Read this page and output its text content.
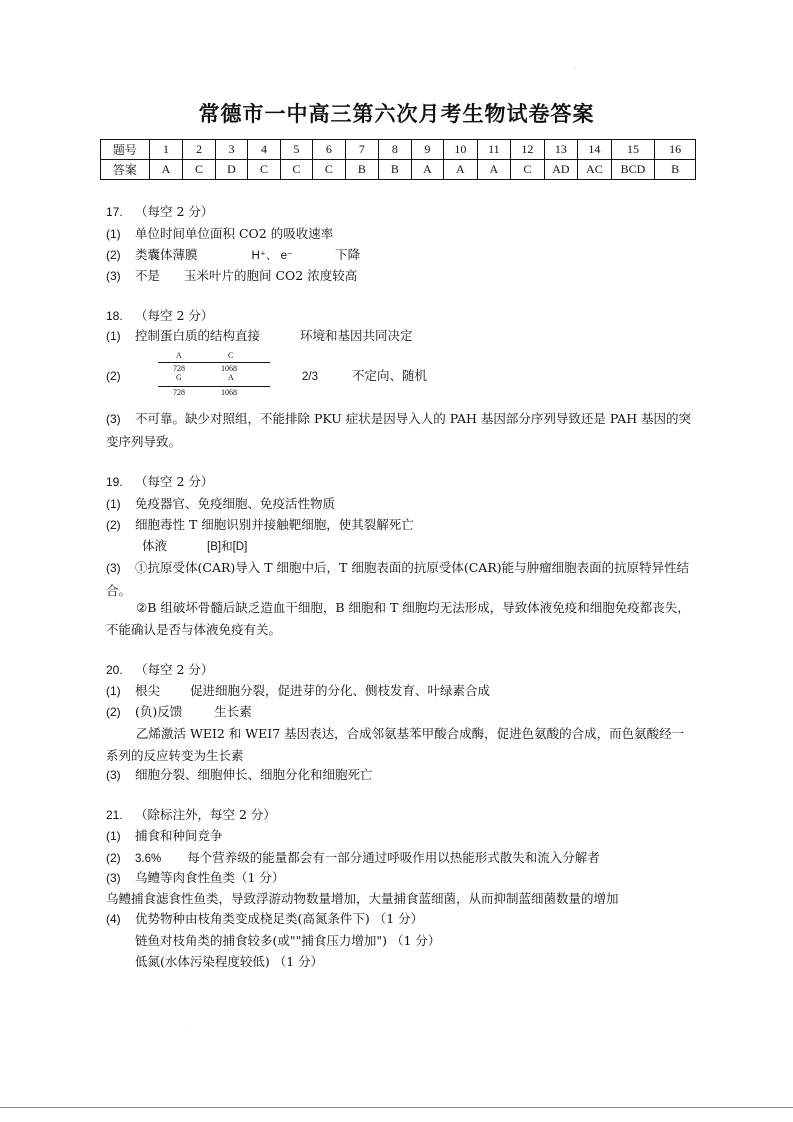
.
常德市一中高三第六次月考生物试卷答案
题号	1	2	3	4	5	6	7	8	9	10	11	12	13	14	15	16
答案	A	C	D	C	C	C	B	B	A	A	A	C	AD	AC	BCD	B
17. （每空 2 分）
(1) 单位时间单位面积 CO2 的吸收速率
(2) 类囊体薄膜	H⁺、 e⁻	下降
(3) 不是 玉米叶片的胞间 CO2 浓度较高
18. （每空 2 分）
(1) 控制蛋白质的结构直接	环境和基因共同决定
(2)
A	C
728	1068
G	A
728	1068
2/3	不定向、随机
(3) 不可靠。缺少对照组，不能排除 PKU 症状是因导入人的 PAH 基因部分序列导致还是 PAH 基因的突变序列导致。
19. （每空 2 分）
(1) 免疫器官、免疫细胞、免疫活性物质
(2) 细胞毒性 T 细胞识别并接触靶细胞，使其裂解死亡
体液	[B]和[D]
(3) ①抗原受体(CAR)导入 T 细胞中后，T 细胞表面的抗原受体(CAR)能与肿瘤细胞表面的抗原特异性结合。
②B 组破坏骨髓后缺乏造血干细胞，B 细胞和 T 细胞均无法形成，导致体液免疫和细胞免疫都丧失，不能确认是否与体液免疫有关。
20. （每空 2 分）
(1) 根尖 促进细胞分裂，促进芽的分化、侧枝发育、叶绿素合成
(2) (负)反馈	生长素
乙烯激活 WEI2 和 WEI7 基因表达，合成邻氨基苯甲酸合成酶，促进色氨酸的合成，而色氨酸经一系列的反应转变为生长素
(3) 细胞分裂、细胞伸长、细胞分化和细胞死亡
21. （除标注外，每空 2 分）
(1) 捕食和种间竞争
(2) 3.6% 每个营养级的能量都会有一部分通过呼吸作用以热能形式散失和流入分解者
(3) 乌鳢等肉食性鱼类（1 分）
乌鳢捕食滤食性鱼类，导致浮游动物数量增加，大量捕食蓝细菌，从而抑制蓝细菌数量的增加
(4) 优势物种由枝角类变成桡足类(高氮条件下) （1 分）
链鱼对枝角类的捕食较多(或""捕食压力增加") （1 分）
低氮(水体污染程度较低) （1 分）
.
